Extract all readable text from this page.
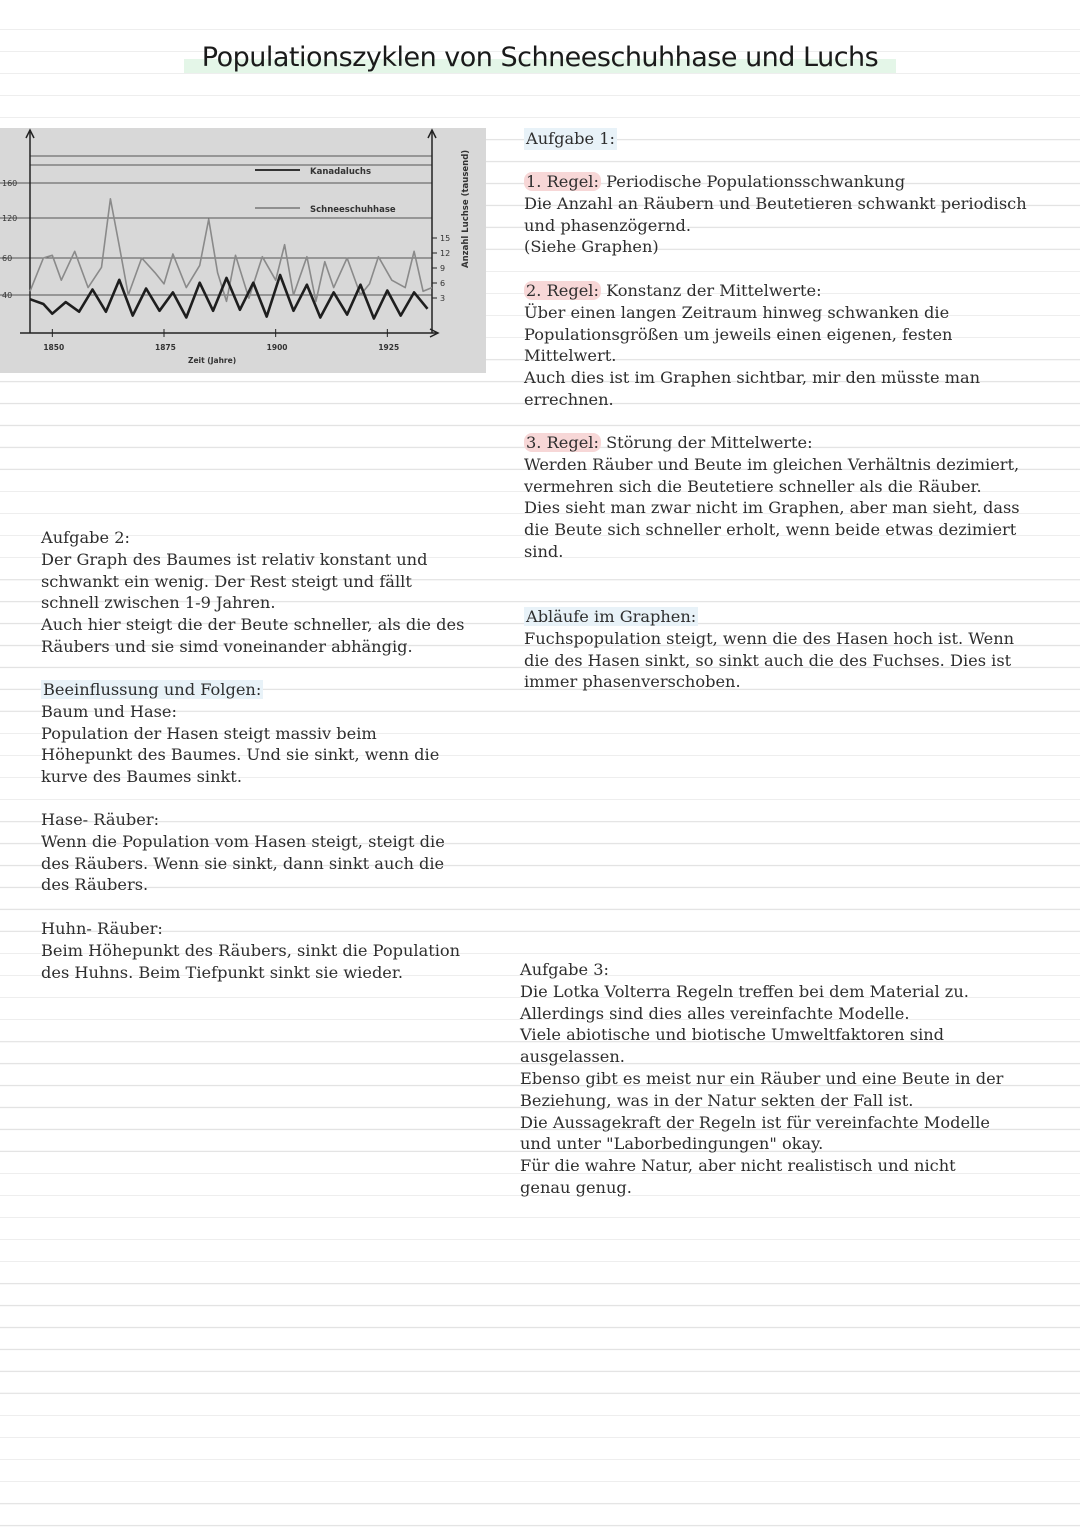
Populationszyklen von Schneeschuhhase und Luchs
40
60
120
160
3
6
9
12
15 Anzahl Luchse (tausend)
1850	1875	1900	1925
Zeit (Jahre)
Kanadaluchs
Schneeschuhhase
Aufgabe 1:
1. Regel: Periodische Populationsschwankung
Die Anzahl an Räubern und Beutetieren schwankt periodisch
und phasenzögernd.
(Siehe Graphen)
2. Regel: Konstanz der Mittelwerte:
Über einen langen Zeitraum hinweg schwanken die
Populationsgrößen um jeweils einen eigenen, festen
Mittelwert.
Auch dies ist im Graphen sichtbar, mir den müsste man
errechnen.
3. Regel: Störung der Mittelwerte:
Werden Räuber und Beute im gleichen Verhältnis dezimiert,
vermehren sich die Beutetiere schneller als die Räuber.
Dies sieht man zwar nicht im Graphen, aber man sieht, dass
die Beute sich schneller erholt, wenn beide etwas dezimiert
sind.
Abläufe im Graphen:
Fuchspopulation steigt, wenn die des Hasen hoch ist. Wenn
die des Hasen sinkt, so sinkt auch die des Fuchses. Dies ist
immer phasenverschoben.
Aufgabe 2:
Der Graph des Baumes ist relativ konstant und
schwankt ein wenig. Der Rest steigt und fällt
schnell zwischen 1-9 Jahren.
Auch hier steigt die der Beute schneller, als die des
Räubers und sie simd voneinander abhängig.
Beeinflussung und Folgen:
Baum und Hase:
Population der Hasen steigt massiv beim
Höhepunkt des Baumes. Und sie sinkt, wenn die
kurve des Baumes sinkt.
Hase- Räuber:
Wenn die Population vom Hasen steigt, steigt die
des Räubers. Wenn sie sinkt, dann sinkt auch die
des Räubers.
Huhn- Räuber:
Beim Höhepunkt des Räubers, sinkt die Population
des Huhns. Beim Tiefpunkt sinkt sie wieder.	Aufgabe 3:
Die Lotka Volterra Regeln treffen bei dem Material zu.
Allerdings sind dies alles vereinfachte Modelle.
Viele abiotische und biotische Umweltfaktoren sind
ausgelassen.
Ebenso gibt es meist nur ein Räuber und eine Beute in der
Beziehung, was in der Natur sekten der Fall ist.
Die Aussagekraft der Regeln ist für vereinfachte Modelle
und unter "Laborbedingungen" okay.
Für die wahre Natur, aber nicht realistisch und nicht
genau genug.
